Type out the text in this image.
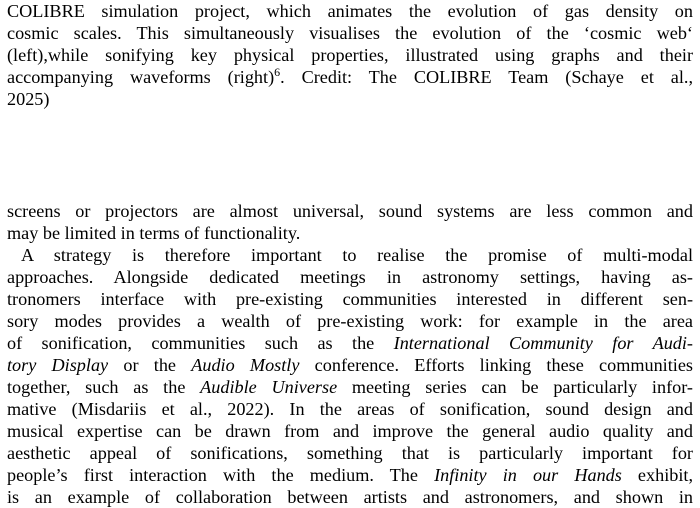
COLIBRE simulation project, which animates the evolution of gas density on
cosmic scales. This simultaneously visualises the evolution of the ‘cosmic web‘
(left),while sonifying key physical properties, illustrated using graphs and their
accompanying waveforms (right)$^6$. Credit: The COLIBRE Team (Schaye et al.,
2025)
screens or projectors are almost universal, sound systems are less common and
may be limited in terms of functionality.
A strategy is therefore important to realise the promise of multi-modal
approaches. Alongside dedicated meetings in astronomy settings, having as-
tronomers interface with pre-existing communities interested in different sen-
sory modes provides a wealth of pre-existing work: for example in the area
of sonification, communities such as the International Community for Audi-
tory Display or the Audio Mostly conference. Efforts linking these communities
together, such as the Audible Universe meeting series can be particularly infor-
mative (Misdariis et al., 2022). In the areas of sonification, sound design and
musical expertise can be drawn from and improve the general audio quality and
aesthetic appeal of sonifications, something that is particularly important for
people’s first interaction with the medium. The Infinity in our Hands exhibit,
is an example of collaboration between artists and astronomers, and shown in
